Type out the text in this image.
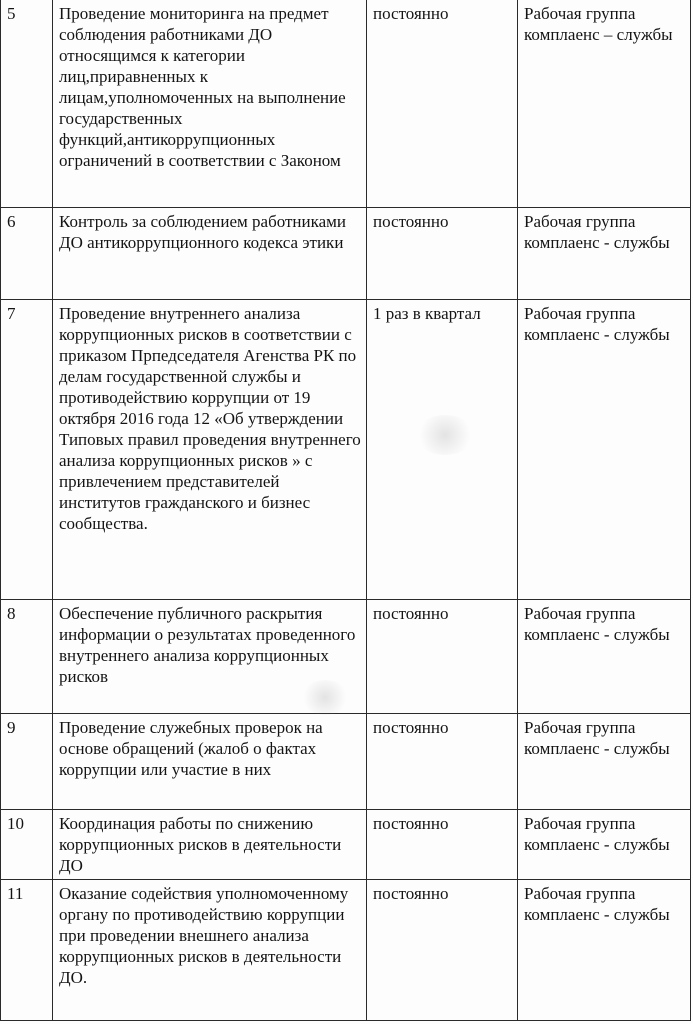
5	Проведение мониторинга на предмет соблюдения работниками ДО относящимся к категории лиц,приравненных к лицам,уполномоченных на выполнение государственных функций,антикоррупционных ограничений в соответствии с Законом	постоянно	Рабочая группа комплаенс – службы
6	Контроль за соблюдением работниками ДО антикоррупционного кодекса этики	постоянно	Рабочая группа комплаенс - службы
7	Проведение внутреннего анализа коррупционных рисков в соответствии с приказом Прпедседателя Агенства РК по делам государственной службы и противодействию коррупции от 19 октября 2016 года 12 «Об утверждении Типовых правил проведения внутреннего анализа коррупционных рисков » с привлечением представителей институтов гражданского и бизнес сообщества.	1 раз в квартал	Рабочая группа комплаенс - службы
8	Обеспечение публичного раскрытия информации о результатах проведенного внутреннего анализа коррупционных рисков	постоянно	Рабочая группа комплаенс - службы
9	Проведение служебных проверок на основе обращений (жалоб о фактах коррупции или участие в них	постоянно	Рабочая группа комплаенс - службы
10	Координация работы по снижению коррупционных рисков в деятельности ДО	постоянно	Рабочая группа комплаенс - службы
11	Оказание содействия уполномоченному органу по противодействию коррупции при проведении внешнего анализа коррупционных рисков в деятельности ДО.	постоянно	Рабочая группа комплаенс - службы
